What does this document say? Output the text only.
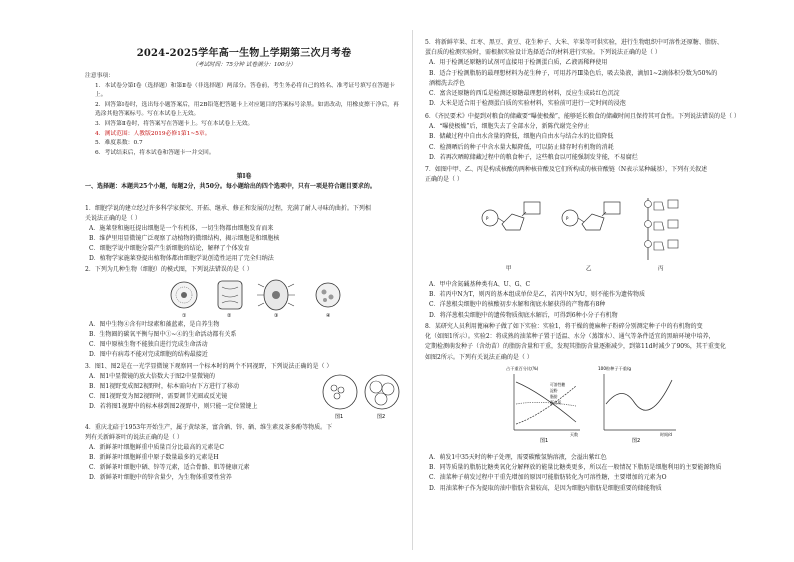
2024-2025学年高一生物上学期第三次月考卷
（考试时间：75分钟 试卷满分：100分）
注意事项：
1．本试卷分第Ⅰ卷（选择题）和第Ⅱ卷（非选择题）两部分。答卷前，考生务必将自己的姓名、准考证号填写在答题卡上。
2．回答第Ⅰ卷时，选出每小题答案后，用2B铅笔把答题卡上对应题目的答案标号涂黑。如需改动，用橡皮擦干净后，再选涂其他答案标号。写在本试卷上无效。
3．回答第Ⅱ卷时，将答案写在答题卡上。写在本试卷上无效。
4．测试范围：人教版2019必修1第1~5章。
5．难度系数：0.7
6．考试结束后，将本试卷和答题卡一并交回。
第Ⅰ卷
一、选择题：本题共25个小题，每题2分，共50分。每小题给出的四个选项中，只有一项是符合题目要求的。
1．细胞学说的建立经过许多科学家探究、开拓、继承、修正和发展的过程，充满了耐人寻味的曲折。下列相
关说法正确的是（ ）
A．施莱登和施旺提出细胞是一个有机体，一切生物都由细胞发育而来
B．维萨里用显微镜广泛观察了动植物的微细结构，揭示细胞是和细胞核
C．细胞学说中细胞分裂产生新细胞的结论，解释了个体发育
D．植物学家施莱登提出植物体都由细胞学说创造性运用了完全归纳法
2．下列为几种生物（细胞）的模式图，下列说法错误的是（ ）
①	②	③	④
A．图中生物④含有叶绿素和藻蓝素，是自养生物
B．生物圈的碳氧平衡与图中①~④的生命活动都有关系
C．图中原核生物不能独自进行完成生命活动
D．图中有病毒不能对完成细胞的结构最接近
3．图1、图2是在一光学显微镜下观察同一个标本时的两个不同视野，下列说法正确的是（ ）
A．图1中显微镜的放大倍数大于图2中显微镜的
B．图1视野变成图2视野时，标本需向右下方进行了移动
C．图1视野变为图2视野时，需要调节光圈或反光镜
D．若将图1视野中的标本移到图2视野中，则只能一定位置键上
图1	图2
4．重庆北碚于1953年开始生产，属于黄绿茶，富含硒、锌、硒、维生素及茶多酚等物质。下
列有关新鲜茶叶的说法正确的是（ ）
A．新鲜茶叶细胞鲜重中质量百分比最高的元素是C
B．新鲜茶叶细胞鲜重中原子数量最多的元素是H
C．新鲜茶叶细胞中硒、锌等元素，适合骨骼、肌等健康元素
D．新鲜茶叶细胞中的锌含量少，为生物体重要性营养
5．将新鲜苹果、红枣、黑豆、黄豆、花生种子、大米、苹果等可供实验，进行生物组织中可溶性还原糖、脂肪、
蛋白质的检测实验时，需根据实验设计选择适合的材料进行实验。下列说法正确的是（ ）
A．用于检测还原糖的试剂可直接用于检测蛋白质，乙液需稀释使用
B．适合于检测脂肪的最理想材料为花生种子，可用苏丹Ⅲ染色后，吸去染液，滴加1~2滴体积分数为50%的
酒精洗去浮色
C．富含还原糖的西瓜是检测还原糖最理想的材料，反应生成砖红色沉淀
D．大米是适合用于检测蛋白质的实验材料，实验前可进行一定时间的浸泡
6．《齐民要术》中提到对粮食的储藏要“曝使极燥”，能够延长粮食的储藏时间且保持其可食性。下列说法错误的是（ ）
A．“曝使极燥”后，细胞失去了全部水分，新陈代谢完全停止
B．储藏过程中自由水含量的降低，细胞内自由水与结合水的比值降低
C．检测晒后的种子中含水量大幅降低，可以防止储存时有机物的消耗
D．若再次晒晾储藏过程中的粮食种子，这些粮食以可能强制发芽能，不易腐烂
7．如图中甲、乙、丙是构成核酸的两种核苷酸及它们所构成的核苷酸链（N表示某种碱基），下列有关叙述
正确的是（ ）
P
甲
P
乙	丙
A．甲中含氮碱基种类有A、U、G、C
B．若丙中N为T，则丙的基本组成单位是乙，若丙中N为U，则不能作为遗传物质
C．洋葱根尖细胞中的核酸初步水解和彻底水解获得的产物都有8种
D．将洋葱根尖细胞中的遗传物质彻底水解后，可得到6种小分子有机物
8．某研究人员利用蓖麻种子做了如下实验：实验1，将干燥的蓖麻种子粉碎分别测定种子中的有机物的变
化（如图1所示）。实验2：将成熟的油菜种子置于适温、水分（蒸馏水）、通气等条件适宜的黑暗环境中培养，
定期检测萌发种子（含幼苗）的脂肪含量和干重，发现其脂肪含量逐渐减少，到第11d时减少了90%，其干重变化
如图2所示。下列有关说法正确的是（ ）
占干重百分比(%)
可溶性糖
淀粉
脂肪
蛋白质
天数
图1
100粒种子干重/g
时间/d
图2
A．萌发1中35天时的种子处理，需要碳酸氢钠溶液，会溢出紫红色
B．同等质量的脂肪比糖类氧化分解释放的能量比糖类更多，所以在一般情况下脂肪是细胞利用的主要能源物质
C．油菜种子萌发过程中干重先增加的原因可能脂肪转化为可溶性糖，主要增加的元素为O
D．用油菜种子作为提取的油中脂肪含量较高，是因为细胞内脂肪是细胞重要的储能物质
